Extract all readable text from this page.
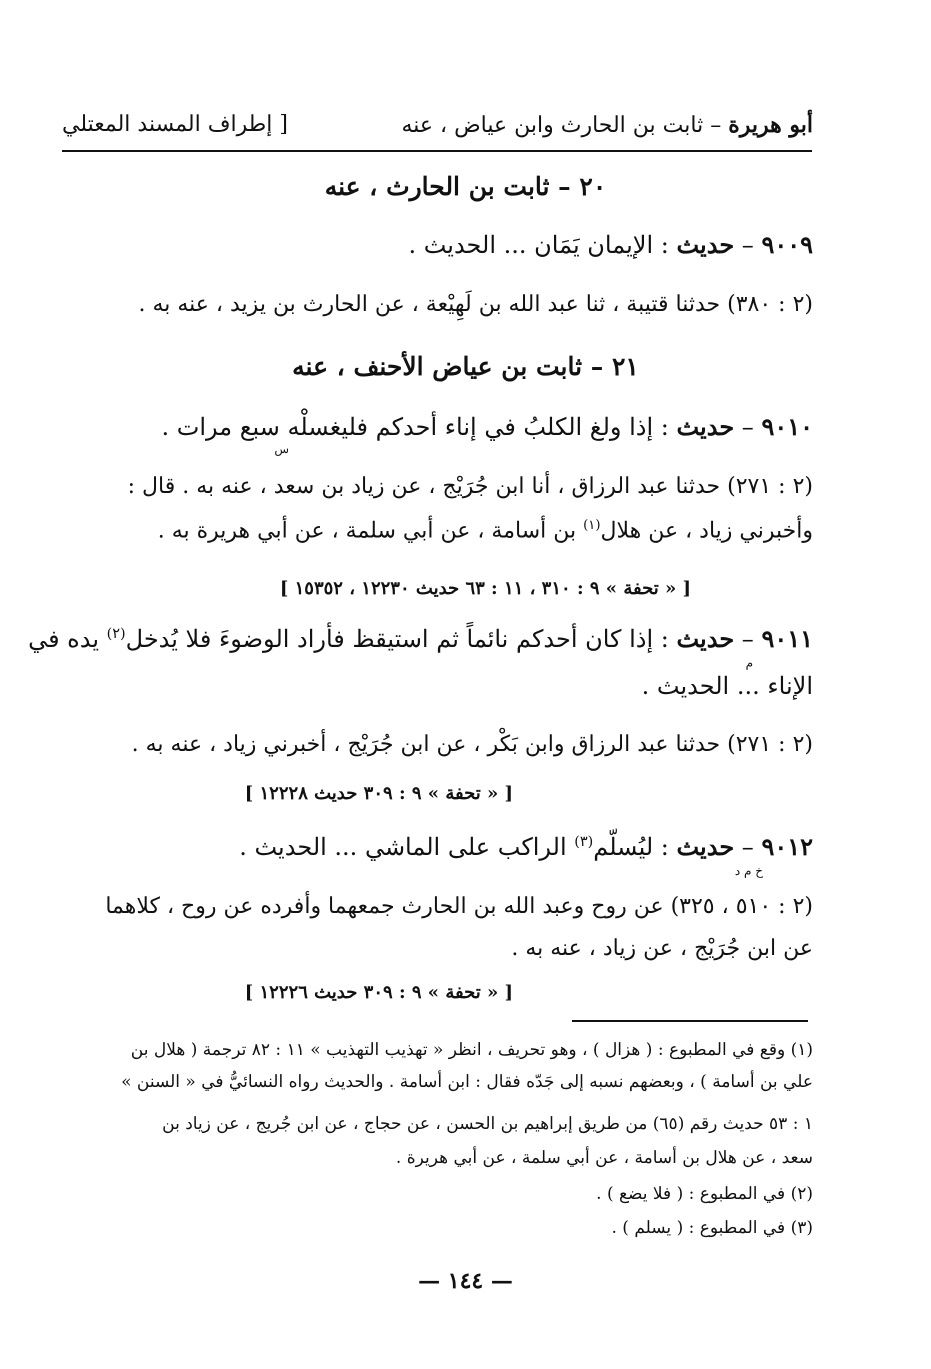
أبو هريرة – ثابت بن الحارث وابن عياض ، عنه
[ إطراف المسند المعتلي
٢٠ – ثابت بن الحارث ، عنه
٩٠٠٩ – حديث : الإيمان يَمَان ... الحديث .
(٢ : ٣٨٠) حدثنا قتيبة ، ثنا عبد الله بن لَهِيْعة ، عن الحارث بن يزيد ، عنه به .
٢١ – ثابت بن عياض الأحنف ، عنه
٩٠١٠ – حديث : إذا ولغ الكلبُ في إناء أحدكم فليغسلْه سبع مرات .
س
(٢ : ٢٧١) حدثنا عبد الرزاق ، أنا ابن جُرَيْج ، عن زياد بن سعد ، عنه به . قال :
وأخبرني زياد ، عن هلال$^{(١)}$ بن أسامة ، عن أبي سلمة ، عن أبي هريرة به .
[ « تحفة » ٩ : ٣١٠ ، ١١ : ٦٣ حديث ١٢٢٣٠ ، ١٥٣٥٢ ]
٩٠١١ – حديث : إذا كان أحدكم نائماً ثم استيقظ فأراد الوضوءَ فلا يُدخل$^{(٢)}$ يده في
م
الإناء ... الحديث .
(٢ : ٢٧١) حدثنا عبد الرزاق وابن بَكْر ، عن ابن جُرَيْج ، أخبرني زياد ، عنه به .
[ « تحفة » ٩ : ٣٠٩ حديث ١٢٢٢٨ ]
٩٠١٢ – حديث : ليُسلّم$^{(٣)}$ الراكب على الماشي ... الحديث .
خ م د
(٢ : ٥١٠ ، ٣٢٥) عن روح وعبد الله بن الحارث جمعهما وأفرده عن روح ، كلاهما
عن ابن جُرَيْج ، عن زياد ، عنه به .
[ « تحفة » ٩ : ٣٠٩ حديث ١٢٢٢٦ ]
(١) وقع في المطبوع : ( هزال ) ، وهو تحريف ، انظر « تهذيب التهذيب » ١١ : ٨٢ ترجمة ( هلال بن
علي بن أسامة ) ، وبعضهم نسبه إلى جَدّه فقال : ابن أسامة . والحديث رواه النسائيُّ في « السنن »
١ : ٥٣ حديث رقم (٦٥) من طريق إبراهيم بن الحسن ، عن حجاج ، عن ابن جُريج ، عن زياد بن
سعد ، عن هلال بن أسامة ، عن أبي سلمة ، عن أبي هريرة .
(٢) في المطبوع : ( فلا يضع ) .
(٣) في المطبوع : ( يسلم ) .
— ١٤٤ —
